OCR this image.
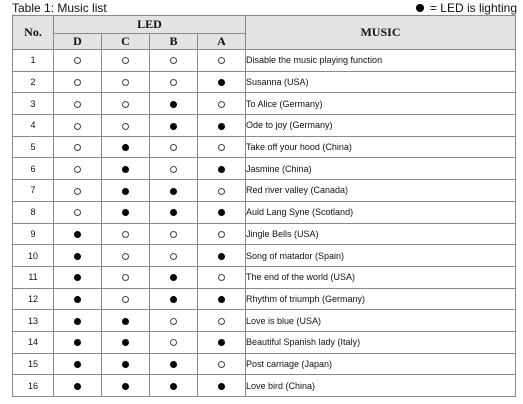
Table 1: Music list	= LED is lighting
No.	LED				MUSIC
	D	C	B	A	
1					Disable the music playing function
2					Susanna (USA)
3					To Alice (Germany)
4					Ode to joy (Germany)
5					Take off your hood (China)
6					Jasmine (China)
7					Red river valley (Canada)
8					Auld Lang Syne (Scotland)
9					Jingle Bells (USA)
10					Song of matador (Spain)
11					The end of the world (USA)
12					Rhythm of triumph (Germany)
13					Love is blue (USA)
14					Beautiful Spanish lady (Italy)
15					Post carriage (Japan)
16					Love bird (China)
